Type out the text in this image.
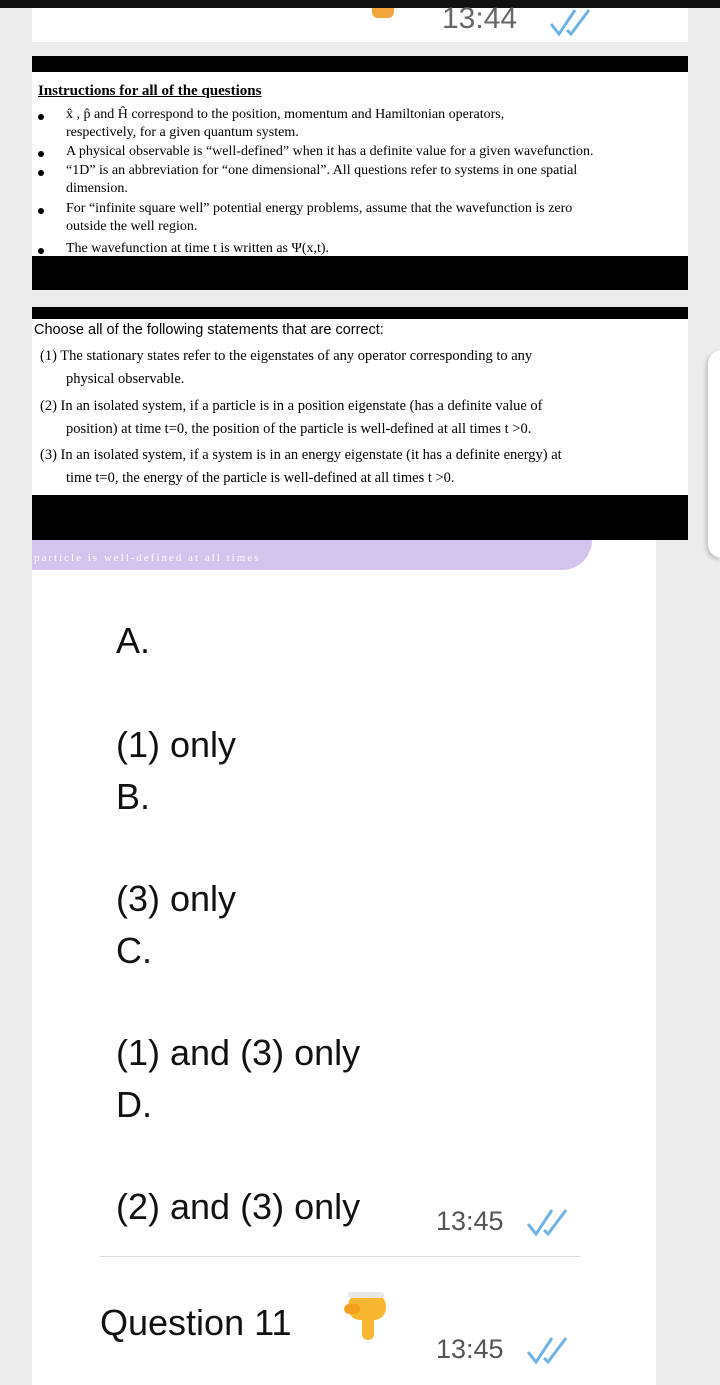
13:44
Instructions for all of the questions
x̂ , p̂ and Ĥ correspond to the position, momentum and Hamiltonian operators,
respectively, for a given quantum system.
A physical observable is “well-defined” when it has a definite value for a given wavefunction.
“1D” is an abbreviation for “one dimensional”. All questions refer to systems in one spatial
dimension.
For “infinite square well” potential energy problems, assume that the wavefunction is zero
outside the well region.
The wavefunction at time t is written as Ψ(x,t).
Choose all of the following statements that are correct:
(1) The stationary states refer to the eigenstates of any operator corresponding to any
physical observable.
(2) In an isolated system, if a particle is in a position eigenstate (has a definite value of
position) at time t=0, the position of the particle is well-defined at all times t >0.
(3) In an isolated system, if a system is in an energy eigenstate (it has a definite energy) at
time t=0, the energy of the particle is well-defined at all times t >0.
particle is well-defined at all times
A.
(1) only
B.
(3) only
C.
(1) and (3) only
D.
(2) and (3) only	13:45
Question 11
13:45
